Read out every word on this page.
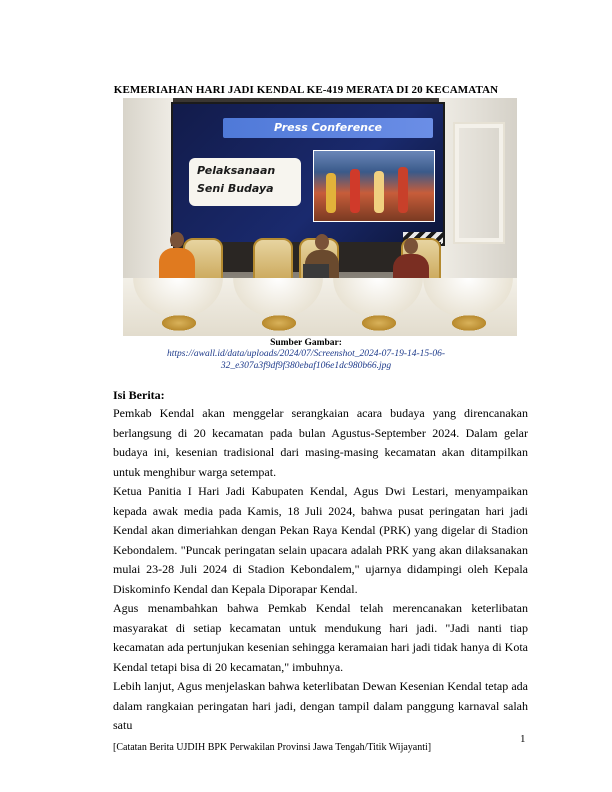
KEMERIAHAN HARI JADI KENDAL KE-419 MERATA DI 20 KECAMATAN
Press Conference
Pelaksanaan
Seni Budaya
Sumber Gambar:
https://awall.id/data/uploads/2024/07/Screenshot_2024-07-19-14-15-06-
32_e307a3f9df9f380ebaf106e1dc980b66.jpg
Isi Berita:

Pemkab Kendal akan menggelar serangkaian acara budaya yang direncanakan berlangsung di 20 kecamatan pada bulan Agustus-September 2024. Dalam gelar budaya ini, kesenian tradisional dari masing-masing kecamatan akan ditampilkan untuk menghibur warga setempat.

Ketua Panitia I Hari Jadi Kabupaten Kendal, Agus Dwi Lestari, menyampaikan kepada awak media pada Kamis, 18 Juli 2024, bahwa pusat peringatan hari jadi Kendal akan dimeriahkan dengan Pekan Raya Kendal (PRK) yang digelar di Stadion Kebondalem. "Puncak peringatan selain upacara adalah PRK yang akan dilaksanakan mulai 23-28 Juli 2024 di Stadion Kebondalem," ujarnya didampingi oleh Kepala Diskominfo Kendal dan Kepala Diporapar Kendal.

Agus menambahkan bahwa Pemkab Kendal telah merencanakan keterlibatan masyarakat di setiap kecamatan untuk mendukung hari jadi. "Jadi nanti tiap kecamatan ada pertunjukan kesenian sehingga keramaian hari jadi tidak hanya di Kota Kendal tetapi bisa di 20 kecamatan," imbuhnya.

Lebih lanjut, Agus menjelaskan bahwa keterlibatan Dewan Kesenian Kendal tetap ada dalam rangkaian peringatan hari jadi, dengan tampil dalam panggung karnaval salah satu

1
[Catatan Berita UJDIH BPK Perwakilan Provinsi Jawa Tengah/Titik Wijayanti]
